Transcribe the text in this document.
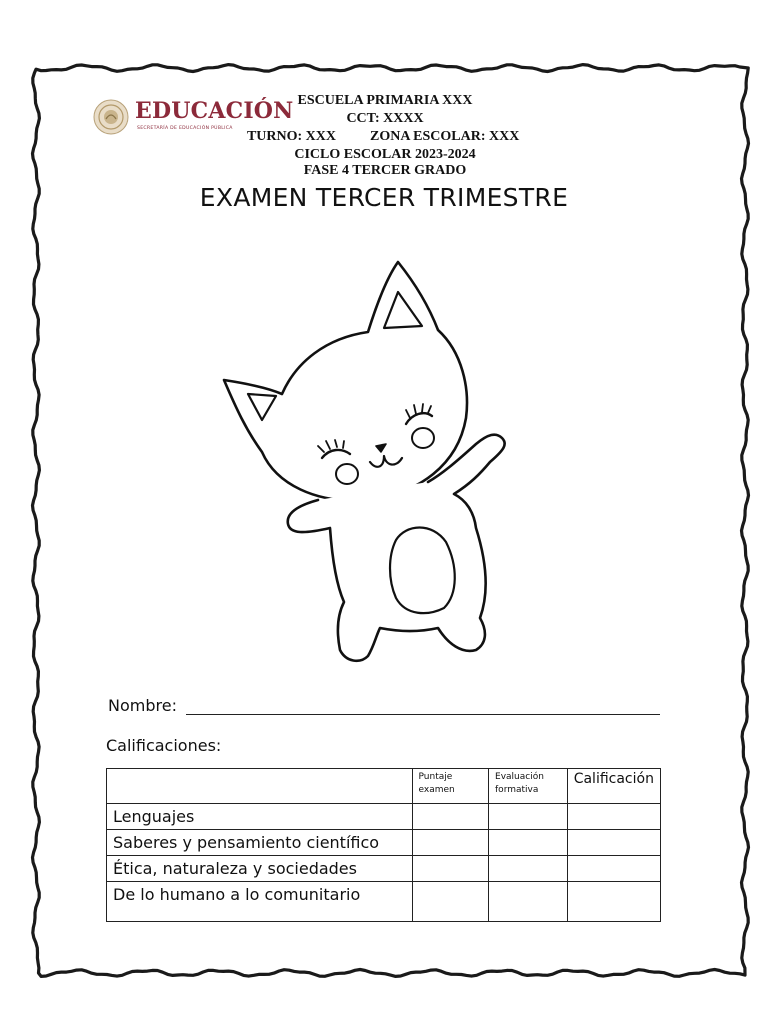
EDUCACIÓN
SECRETARÍA DE EDUCACIÓN PÚBLICA
ESCUELA PRIMARIA XXX
CCT: XXXX
TURNO: XXX ZONA ESCOLAR: XXX
CICLO ESCOLAR 2023-2024
FASE 4 TERCER GRADO
EXAMEN TERCER TRIMESTRE
Nombre:
Calificaciones:
	Puntaje examen	Evaluación formativa	Calificación
Lenguajes			
Saberes y pensamiento científico			
Ética, naturaleza y sociedades			
De lo humano a lo comunitario			
